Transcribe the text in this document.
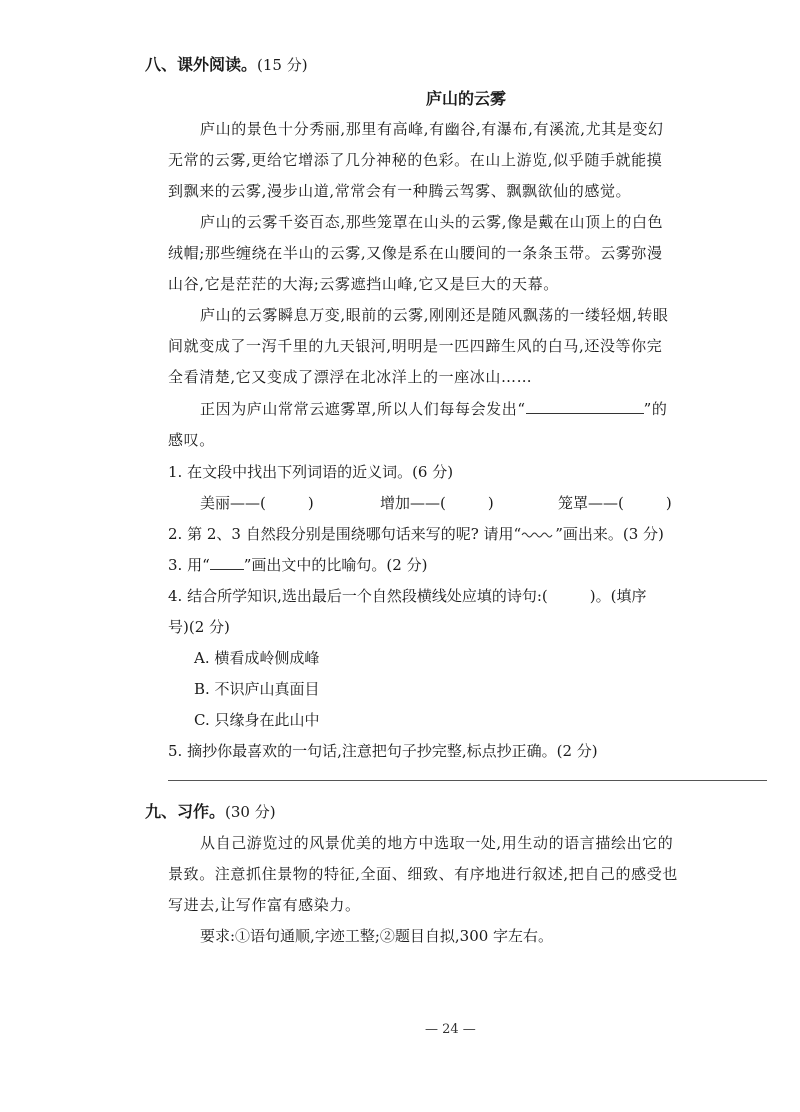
八、课外阅读。(15 分)
庐山的云雾
庐山的景色十分秀丽,那里有高峰,有幽谷,有瀑布,有溪流,尤其是变幻
无常的云雾,更给它增添了几分神秘的色彩。在山上游览,似乎随手就能摸
到飘来的云雾,漫步山道,常常会有一种腾云驾雾、飘飘欲仙的感觉。
庐山的云雾千姿百态,那些笼罩在山头的云雾,像是戴在山顶上的白色
绒帽;那些缠绕在半山的云雾,又像是系在山腰间的一条条玉带。云雾弥漫
山谷,它是茫茫的大海;云雾遮挡山峰,它又是巨大的天幕。
庐山的云雾瞬息万变,眼前的云雾,刚刚还是随风飘荡的一缕轻烟,转眼
间就变成了一泻千里的九天银河,明明是一匹四蹄生风的白马,还没等你完
全看清楚,它又变成了漂浮在北冰洋上的一座冰山……
正因为庐山常常云遮雾罩,所以人们每每会发出“	”的
感叹。
1. 在文段中找出下列词语的近义词。(6 分)
美丽——(	)	增加——(	)	笼罩——(	)
2. 第 2、3 自然段分别是围绕哪句话来写的呢? 请用“ ”画出来。(3 分)
3. 用“ ”画出文中的比喻句。(2 分)
4. 结合所学知识,选出最后一个自然段横线处应填的诗句:(	)。(填序
号)(2 分)
A. 横看成岭侧成峰
B. 不识庐山真面目
C. 只缘身在此山中
5. 摘抄你最喜欢的一句话,注意把句子抄完整,标点抄正确。(2 分)
九、习作。(30 分)
从自己游览过的风景优美的地方中选取一处,用生动的语言描绘出它的
景致。注意抓住景物的特征,全面、细致、有序地进行叙述,把自己的感受也
写进去,让写作富有感染力。
要求:①语句通顺,字迹工整;②题目自拟,300 字左右。
— 24 —
